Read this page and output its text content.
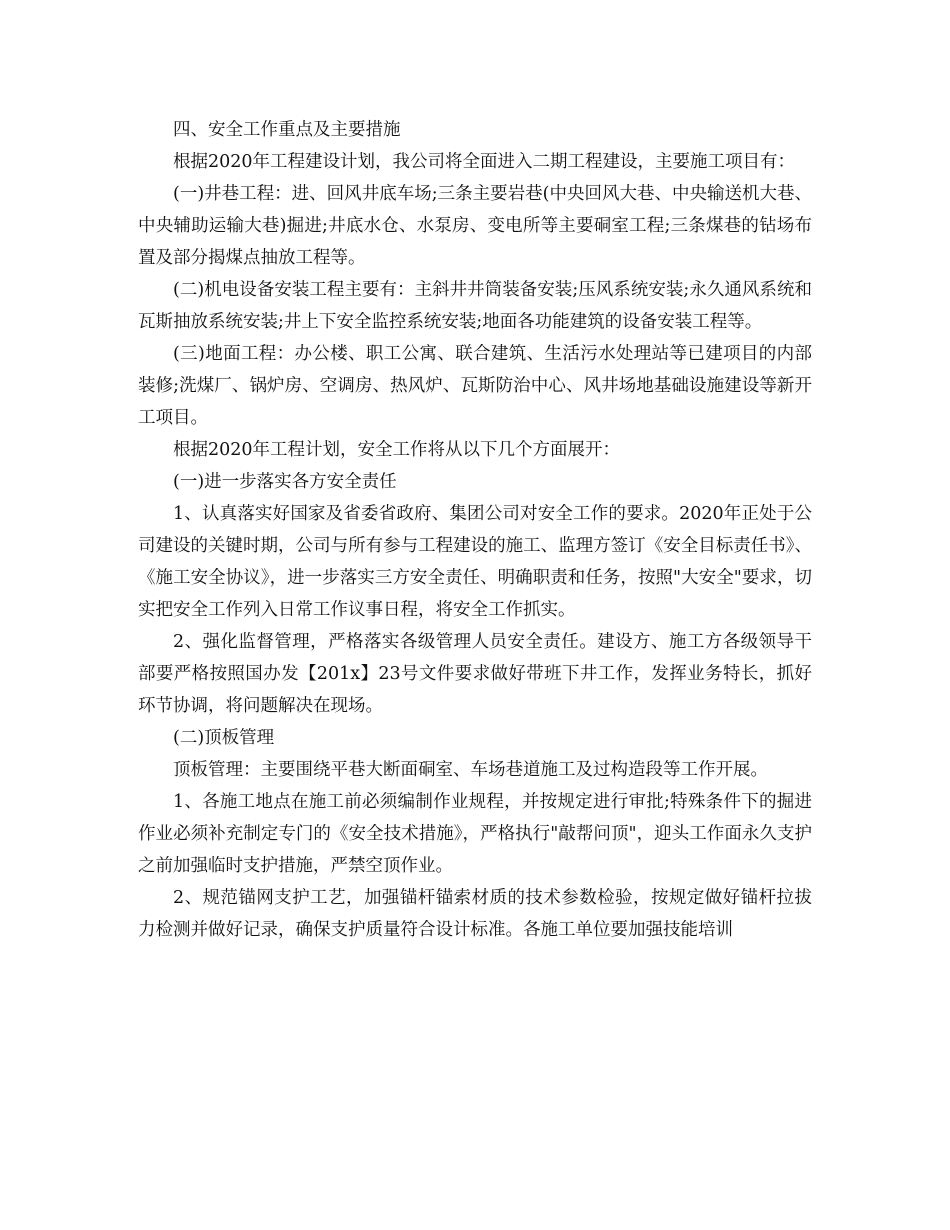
四、安全工作重点及主要措施

根据2020年工程建设计划，我公司将全面进入二期工程建设，主要施工项目有：

(一)井巷工程：进、回风井底车场;三条主要岩巷(中央回风大巷、中央输送机大巷、中央辅助运输大巷)掘进;井底水仓、水泵房、变电所等主要硐室工程;三条煤巷的钻场布置及部分揭煤点抽放工程等。

(二)机电设备安装工程主要有：主斜井井筒装备安装;压风系统安装;永久通风系统和瓦斯抽放系统安装;井上下安全监控系统安装;地面各功能建筑的设备安装工程等。

(三)地面工程：办公楼、职工公寓、联合建筑、生活污水处理站等已建项目的内部装修;洗煤厂、锅炉房、空调房、热风炉、瓦斯防治中心、风井场地基础设施建设等新开工项目。

根据2020年工程计划，安全工作将从以下几个方面展开：

(一)进一步落实各方安全责任

1、认真落实好国家及省委省政府、集团公司对安全工作的要求。2020年正处于公司建设的关键时期，公司与所有参与工程建设的施工、监理方签订《安全目标责任书》、《施工安全协议》，进一步落实三方安全责任、明确职责和任务，按照"大安全"要求，切实把安全工作列入日常工作议事日程，将安全工作抓实。

2、强化监督管理，严格落实各级管理人员安全责任。建设方、施工方各级领导干部要严格按照国办发【201x】23号文件要求做好带班下井工作，发挥业务特长，抓好环节协调，将问题解决在现场。

(二)顶板管理

顶板管理：主要围绕平巷大断面硐室、车场巷道施工及过构造段等工作开展。

1、各施工地点在施工前必须编制作业规程，并按规定进行审批;特殊条件下的掘进作业必须补充制定专门的《安全技术措施》，严格执行"敲帮问顶"，迎头工作面永久支护之前加强临时支护措施，严禁空顶作业。

2、规范锚网支护工艺，加强锚杆锚索材质的技术参数检验，按规定做好锚杆拉拔力检测并做好记录，确保支护质量符合设计标准。各施工单位要加强技能培训
